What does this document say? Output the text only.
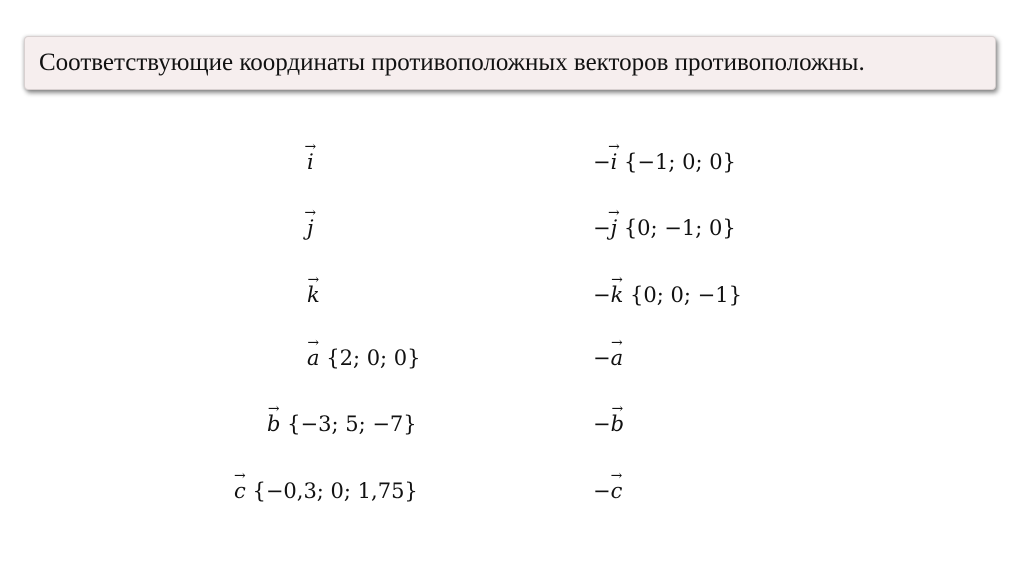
Соответствующие координаты противоположных векторов противоположны.
→ i	−→ i {−1; 0; 0}
→ j	−→ j {0; −1; 0}
→ k	−→ k {0; 0; −1}
→ a {2; 0; 0}	−→ a
→ b {−3; 5; −7}	−→ b
→ c {−0,3; 0; 1,75}	−→ c
